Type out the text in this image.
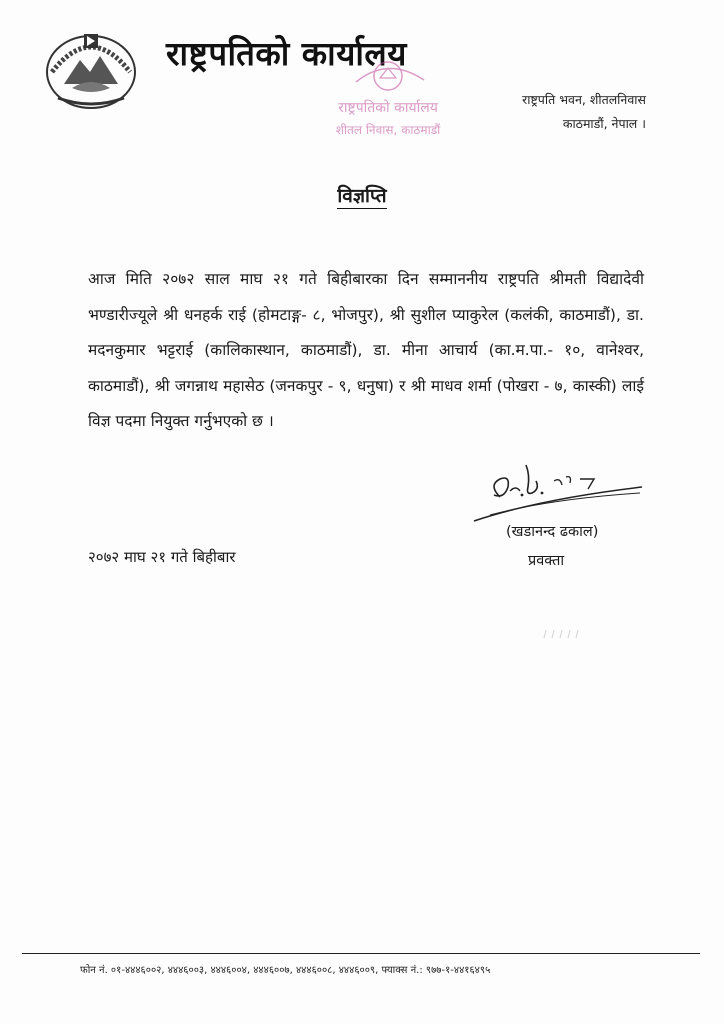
राष्ट्रपतिको कार्यालय
राष्ट्रपतिको कार्यालय
शीतल निवास, काठमाडौं
राष्ट्रपति भवन, शीतलनिवास
काठमाडौं, नेपाल ।
विज्ञप्ति
आज मिति २०७२ साल माघ २१ गते बिहीबारका दिन सम्माननीय राष्ट्रपति श्रीमती विद्यादेवी भण्डारीज्यूले श्री धनहर्क राई (होमटाङ्ग- ८, भोजपुर), श्री सुशील प्याकुरेल (कलंकी, काठमाडौं), डा. मदनकुमार भट्टराई (कालिकास्थान, काठमाडौं), डा. मीना आचार्य (का.म.पा.- १०, वानेश्वर, काठमाडौं), श्री जगन्नाथ महासेठ (जनकपुर - ९, धनुषा) र श्री माधव शर्मा (पोखरा - ७, कास्की) लाई विज्ञ पदमा नियुक्त गर्नुभएको छ ।
(खडानन्द ढकाल)
प्रवक्ता
२०७२ माघ २१ गते बिहीबार
फोन नं. ०१-४४४६००२, ४४४६००३, ४४४६००४, ४४४६००७, ४४४६००८, ४४४६००९, फ्याक्स नं.: ९७७-१-४४१६४९५
